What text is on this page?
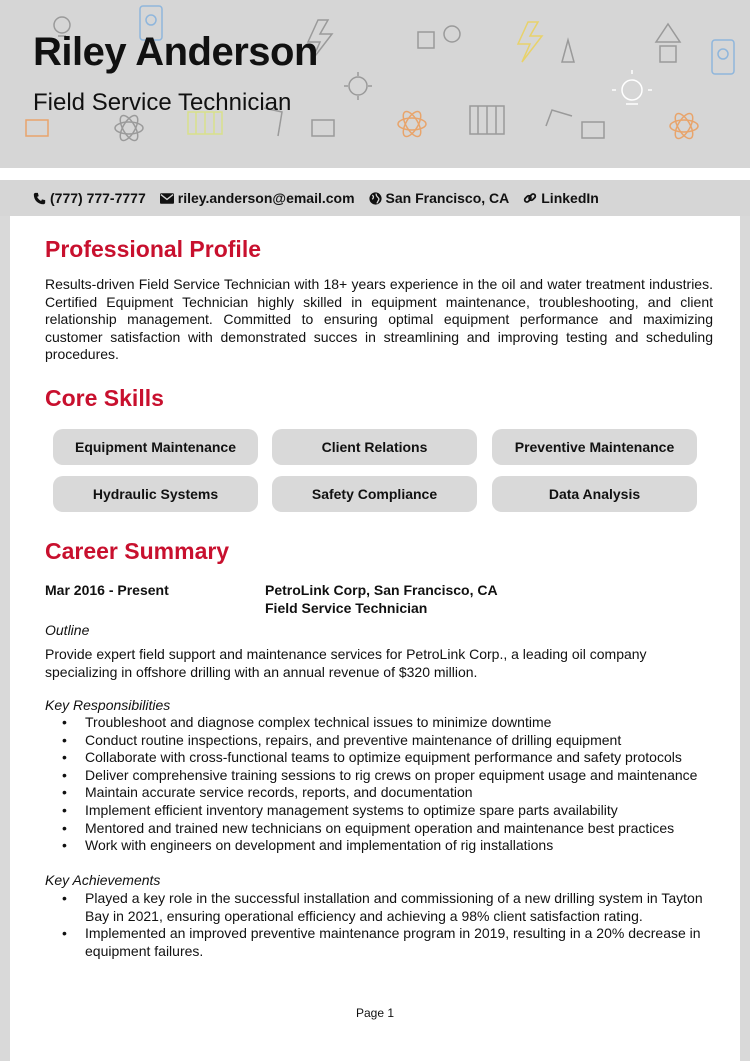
Riley Anderson
Field Service Technician
(777) 777-7777 riley.anderson@email.com San Francisco, CA LinkedIn
Professional Profile
Results-driven Field Service Technician with 18+ years experience in the oil and water treatment industries. Certified Equipment Technician highly skilled in equipment maintenance, troubleshooting, and client relationship management. Committed to ensuring optimal equipment performance and maximizing customer satisfaction with demonstrated succes in streamlining and improving testing and scheduling procedures.
Core Skills
Equipment Maintenance	Client Relations	Preventive Maintenance
Hydraulic Systems	Safety Compliance	Data Analysis
Career Summary
Mar 2016 - Present	PetroLink Corp, San Francisco, CA
Field Service Technician
Outline
Provide expert field support and maintenance services for PetroLink Corp., a leading oil company specializing in offshore drilling with an annual revenue of $320 million.
Key Responsibilities
• Troubleshoot and diagnose complex technical issues to minimize downtime
• Conduct routine inspections, repairs, and preventive maintenance of drilling equipment
• Collaborate with cross-functional teams to optimize equipment performance and safety protocols
• Deliver comprehensive training sessions to rig crews on proper equipment usage and maintenance
• Maintain accurate service records, reports, and documentation
• Implement efficient inventory management systems to optimize spare parts availability
• Mentored and trained new technicians on equipment operation and maintenance best practices
• Work with engineers on development and implementation of rig installations
Key Achievements
• Played a key role in the successful installation and commissioning of a new drilling system in Tayton Bay in 2021, ensuring operational efficiency and achieving a 98% client satisfaction rating.
• Implemented an improved preventive maintenance program in 2019, resulting in a 20% decrease in equipment failures.
Page 1
